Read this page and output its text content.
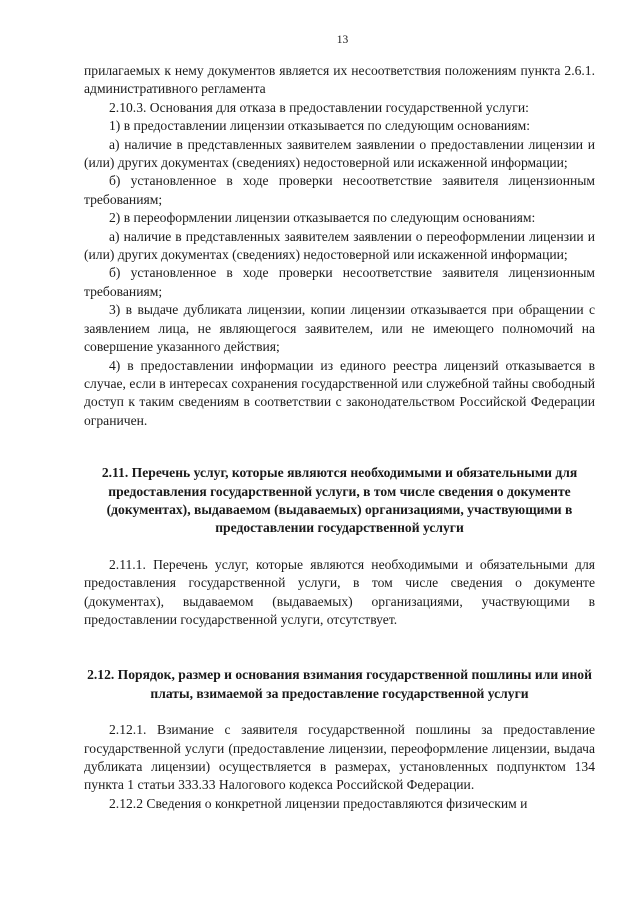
13

прилагаемых к нему документов является их несоответствия положениям пункта 2.6.1. административного регламента

2.10.3. Основания для отказа в предоставлении государственной услуги:

1) в предоставлении лицензии отказывается по следующим основаниям:

а) наличие в представленных заявителем заявлении о предоставлении лицензии и (или) других документах (сведениях) недостоверной или искаженной информации;

б) установленное в ходе проверки несоответствие заявителя лицензионным требованиям;

2) в переоформлении лицензии отказывается по следующим основаниям:

а) наличие в представленных заявителем заявлении о переоформлении лицензии и (или) других документах (сведениях) недостоверной или искаженной информации;

б) установленное в ходе проверки несоответствие заявителя лицензионным требованиям;

3) в выдаче дубликата лицензии, копии лицензии отказывается при обращении с заявлением лица, не являющегося заявителем, или не имеющего полномочий на совершение указанного действия;

4) в предоставлении информации из единого реестра лицензий отказывается в случае, если в интересах сохранения государственной или служебной тайны свободный доступ к таким сведениям в соответствии с законодательством Российской Федерации ограничен.

2.11. Перечень услуг, которые являются необходимыми и обязательными для предоставления государственной услуги, в том числе сведения о документе (документах), выдаваемом (выдаваемых) организациями, участвующими в предоставлении государственной услуги

2.11.1. Перечень услуг, которые являются необходимыми и обязательными для предоставления государственной услуги, в том числе сведения о документе (документах), выдаваемом (выдаваемых) организациями, участвующими в предоставлении государственной услуги, отсутствует.

2.12. Порядок, размер и основания взимания государственной пошлины или иной платы, взимаемой за предоставление государственной услуги

2.12.1. Взимание с заявителя государственной пошлины за предоставление государственной услуги (предоставление лицензии, переоформление лицензии, выдача дубликата лицензии) осуществляется в размерах, установленных подпунктом 134 пункта 1 статьи 333.33 Налогового кодекса Российской Федерации.

2.12.2 Сведения о конкретной лицензии предоставляются физическим и
